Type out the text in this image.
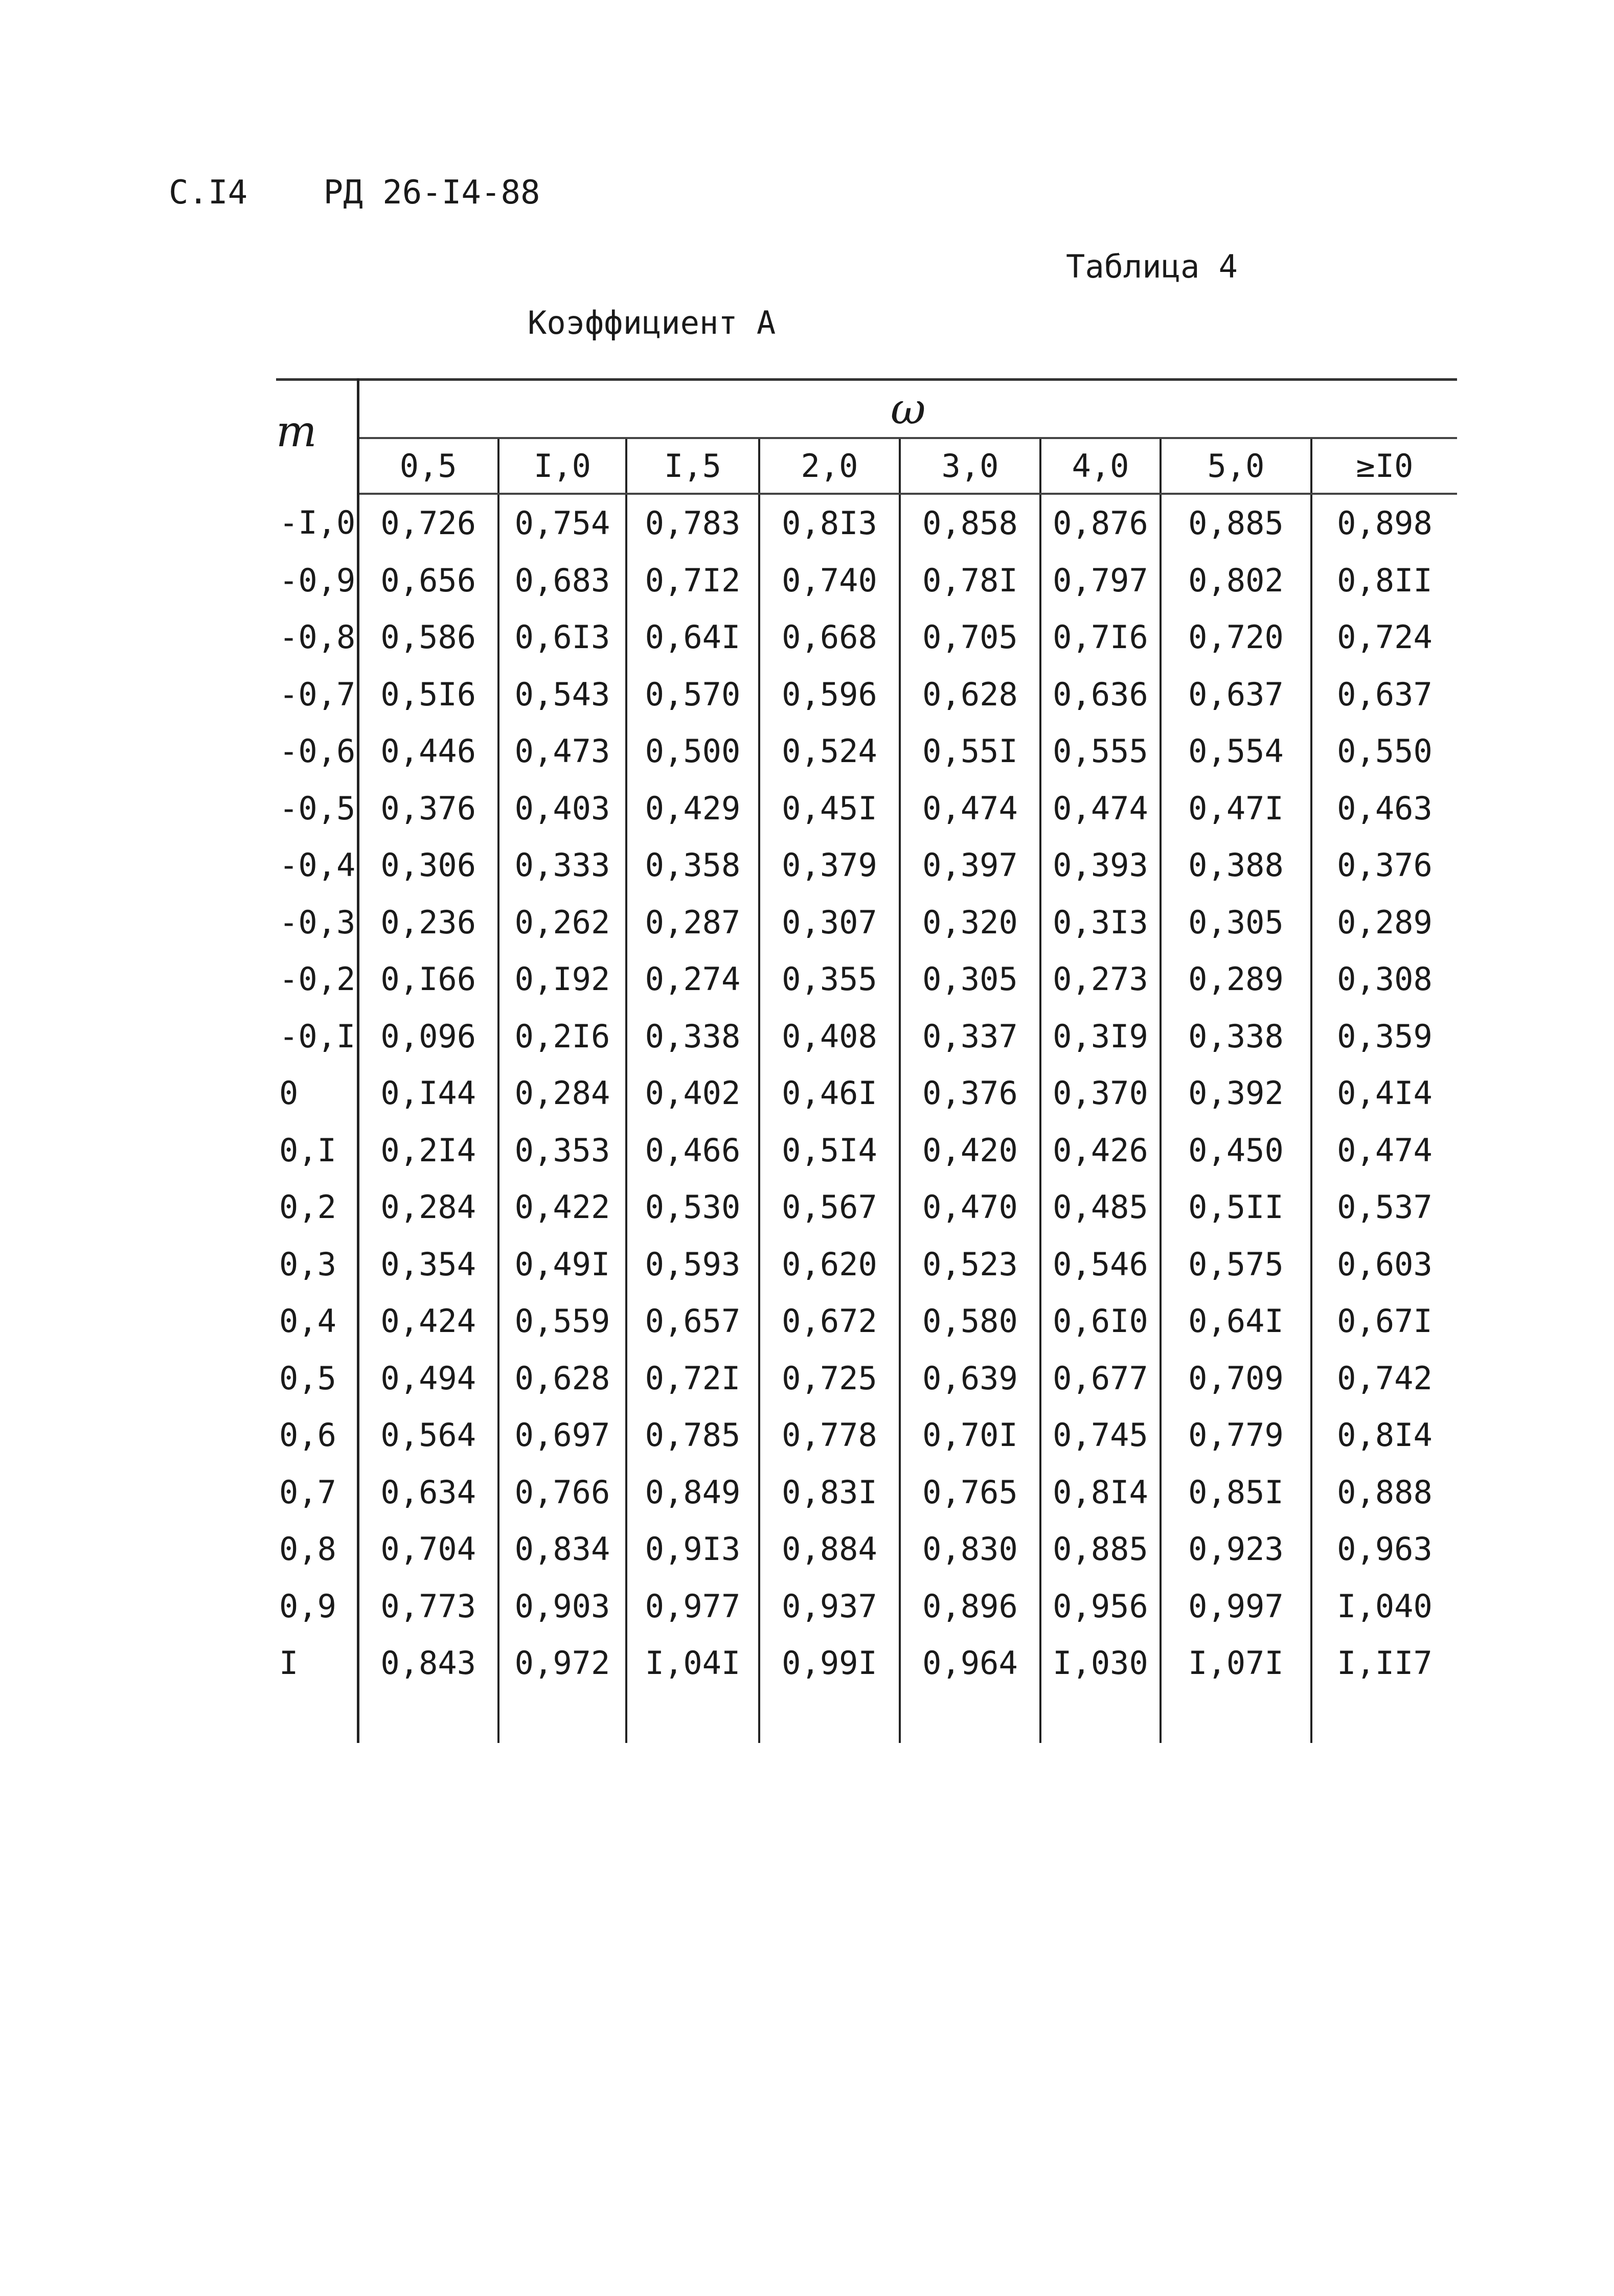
С.I4 РД 26-I4-88
Таблица 4
Коэффициент А
m	ω							
	0,5	I,0	I,5	2,0	3,0	4,0	5,0	≥I0
-I,0	0,726	0,754	0,783	0,8I3	0,858	0,876	0,885	0,898
-0,9	0,656	0,683	0,7I2	0,740	0,78I	0,797	0,802	0,8II
-0,8	0,586	0,6I3	0,64I	0,668	0,705	0,7I6	0,720	0,724
-0,7	0,5I6	0,543	0,570	0,596	0,628	0,636	0,637	0,637
-0,6	0,446	0,473	0,500	0,524	0,55I	0,555	0,554	0,550
-0,5	0,376	0,403	0,429	0,45I	0,474	0,474	0,47I	0,463
-0,4	0,306	0,333	0,358	0,379	0,397	0,393	0,388	0,376
-0,3	0,236	0,262	0,287	0,307	0,320	0,3I3	0,305	0,289
-0,2	0,I66	0,I92	0,274	0,355	0,305	0,273	0,289	0,308
-0,I	0,096	0,2I6	0,338	0,408	0,337	0,3I9	0,338	0,359
0	0,I44	0,284	0,402	0,46I	0,376	0,370	0,392	0,4I4
0,I	0,2I4	0,353	0,466	0,5I4	0,420	0,426	0,450	0,474
0,2	0,284	0,422	0,530	0,567	0,470	0,485	0,5II	0,537
0,3	0,354	0,49I	0,593	0,620	0,523	0,546	0,575	0,603
0,4	0,424	0,559	0,657	0,672	0,580	0,6I0	0,64I	0,67I
0,5	0,494	0,628	0,72I	0,725	0,639	0,677	0,709	0,742
0,6	0,564	0,697	0,785	0,778	0,70I	0,745	0,779	0,8I4
0,7	0,634	0,766	0,849	0,83I	0,765	0,8I4	0,85I	0,888
0,8	0,704	0,834	0,9I3	0,884	0,830	0,885	0,923	0,963
0,9	0,773	0,903	0,977	0,937	0,896	0,956	0,997	I,040
I	0,843	0,972	I,04I	0,99I	0,964	I,030	I,07I	I,II7
